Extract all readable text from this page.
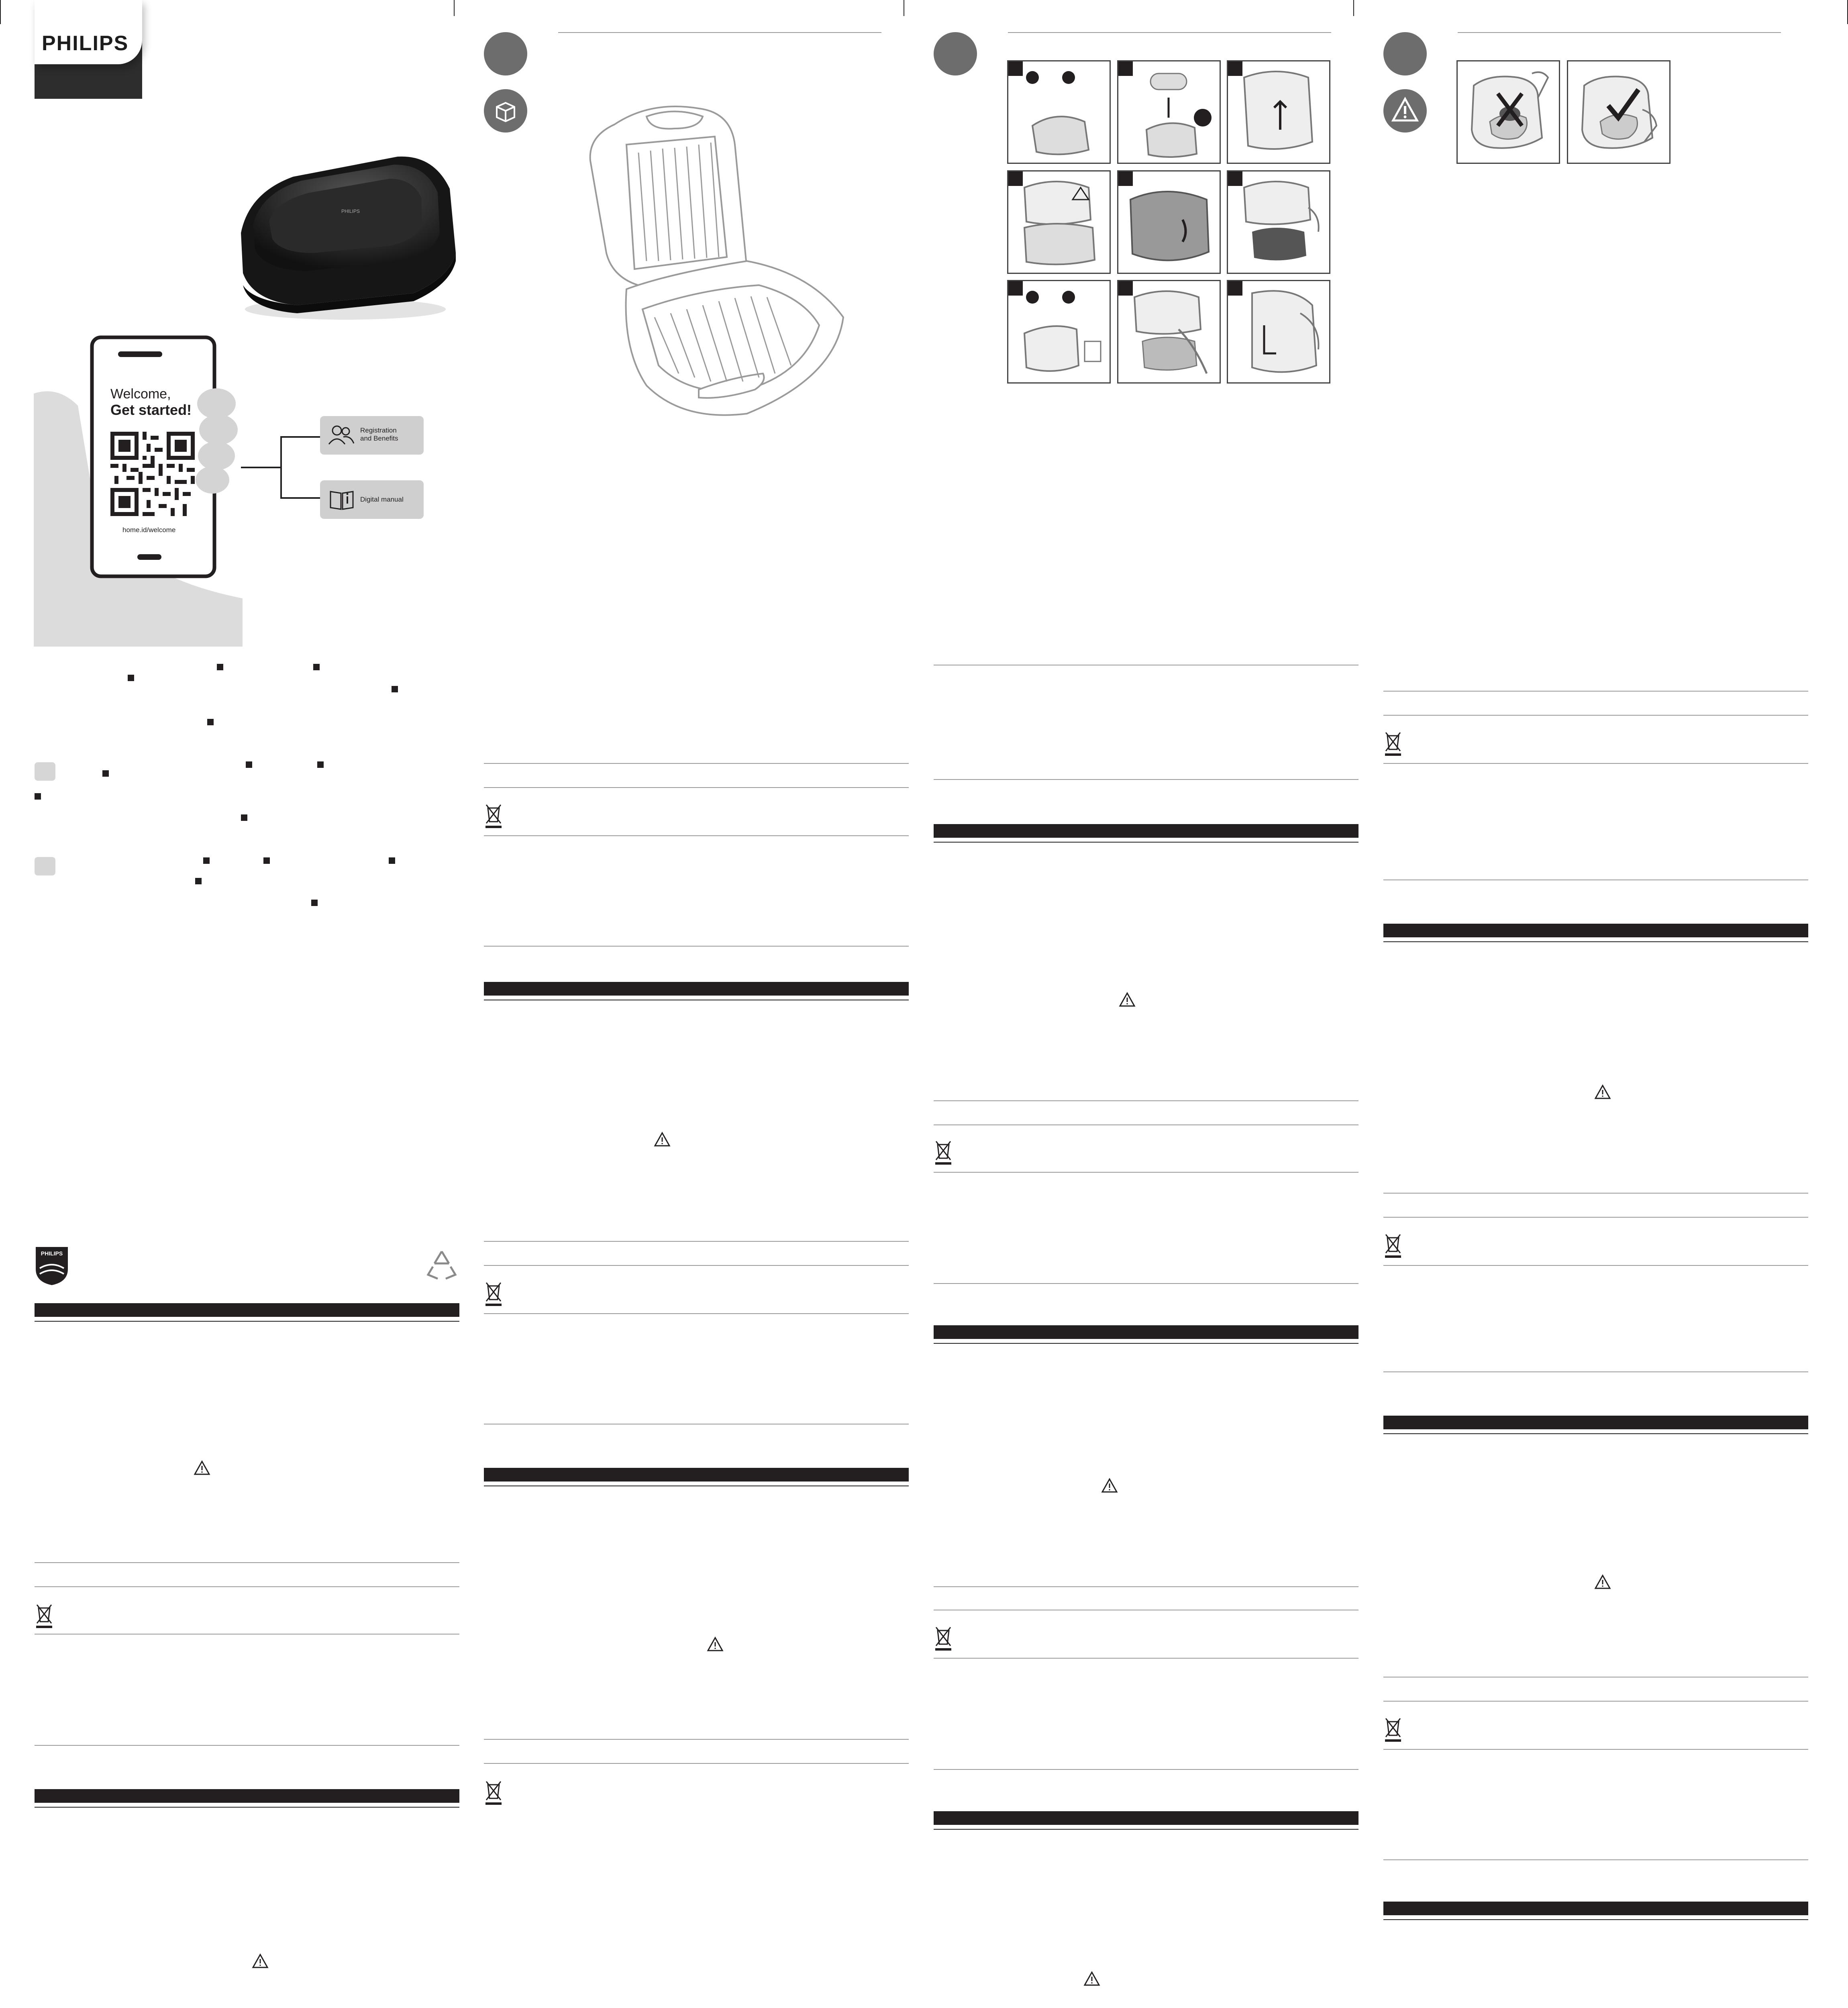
PHILIPS
PHILIPS
Welcome,
Get started!
home.id/welcome
Registration
and Benefits
Digital manual
PHILIPS
